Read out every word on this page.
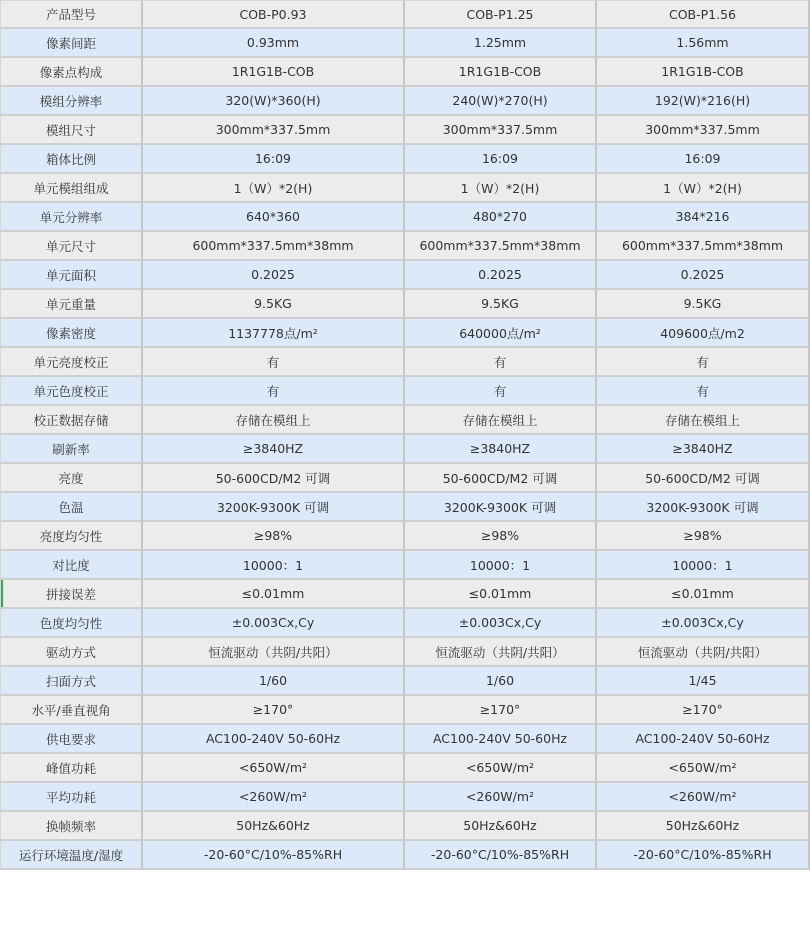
产品型号	COB-P0.93	COB-P1.25	COB-P1.56
像素间距	0.93mm	1.25mm	1.56mm
像素点构成	1R1G1B-COB	1R1G1B-COB	1R1G1B-COB
模组分辨率	320(W)*360(H)	240(W)*270(H)	192(W)*216(H)
模组尺寸	300mm*337.5mm	300mm*337.5mm	300mm*337.5mm
箱体比例	16:09	16:09	16:09
单元模组组成	1（W）*2(H)	1（W）*2(H)	1（W）*2(H)
单元分辨率	640*360	480*270	384*216
单元尺寸	600mm*337.5mm*38mm	600mm*337.5mm*38mm	600mm*337.5mm*38mm
单元面积	0.2025	0.2025	0.2025
单元重量	9.5KG	9.5KG	9.5KG
像素密度	1137778点/m²	640000点/m²	409600点/m2
单元亮度校正	有	有	有
单元色度校正	有	有	有
校正数据存储	存储在模组上	存储在模组上	存储在模组上
刷新率	≥3840HZ	≥3840HZ	≥3840HZ
亮度	50-600CD/M2 可调	50-600CD/M2 可调	50-600CD/M2 可调
色温	3200K-9300K 可调	3200K-9300K 可调	3200K-9300K 可调
亮度均匀性	≥98%	≥98%	≥98%
对比度	10000：1	10000：1	10000：1
拼接误差	≤0.01mm	≤0.01mm	≤0.01mm
色度均匀性	±0.003Cx,Cy	±0.003Cx,Cy	±0.003Cx,Cy
驱动方式	恒流驱动（共阴/共阳）	恒流驱动（共阴/共阳）	恒流驱动（共阴/共阳）
扫面方式	1/60	1/60	1/45
水平/垂直视角	≥170°	≥170°	≥170°
供电要求	AC100-240V 50-60Hz	AC100-240V 50-60Hz	AC100-240V 50-60Hz
峰值功耗	<650W/m²	<650W/m²	<650W/m²
平均功耗	<260W/m²	<260W/m²	<260W/m²
换帧频率	50Hz&60Hz	50Hz&60Hz	50Hz&60Hz
运行环境温度/湿度	-20-60°C/10%-85%RH	-20-60°C/10%-85%RH	-20-60°C/10%-85%RH
